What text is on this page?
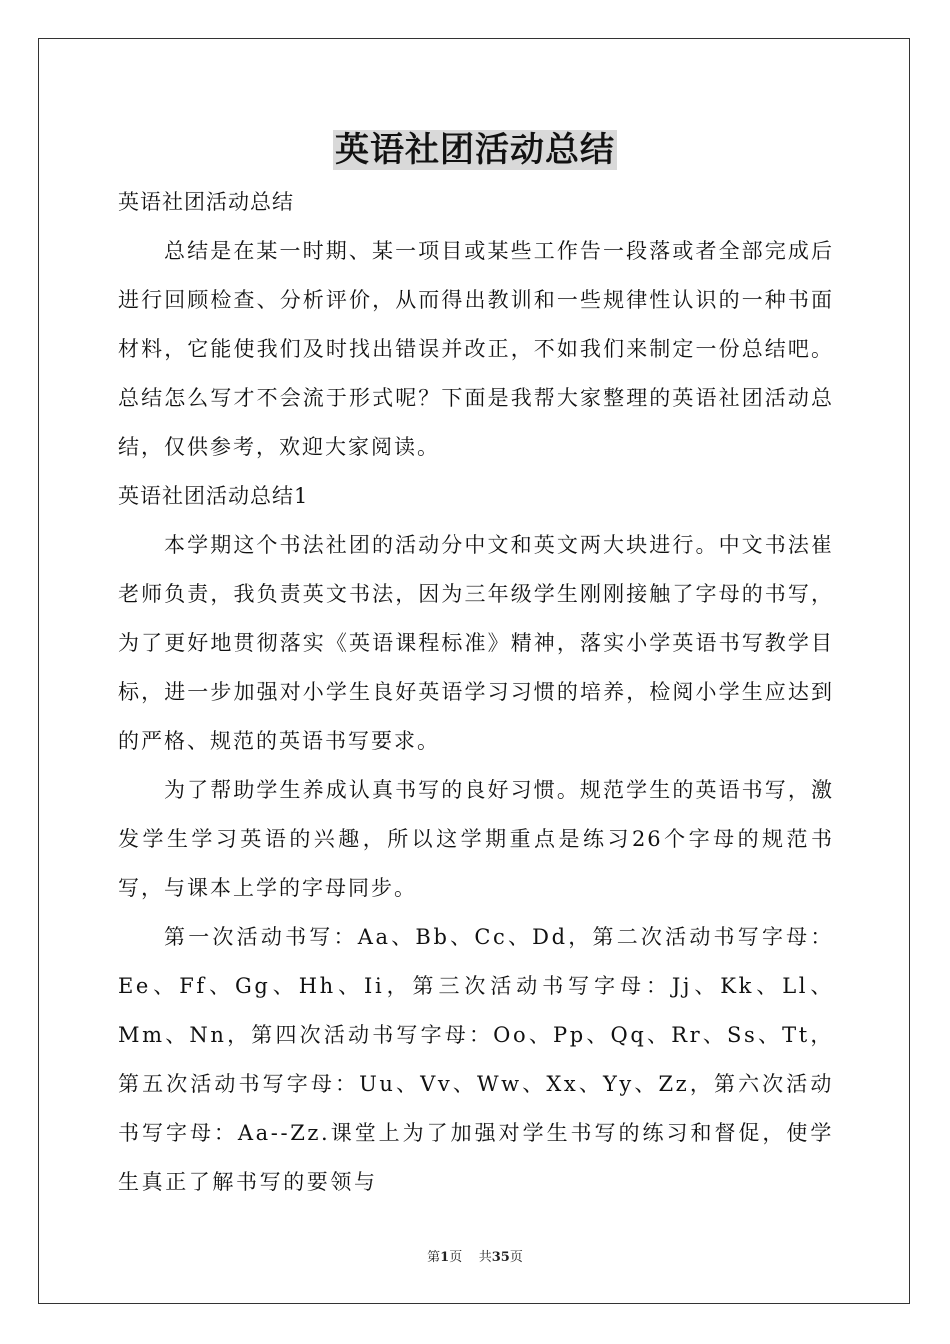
英语社团活动总结

英语社团活动总结

总结是在某一时期、某一项目或某些工作告一段落或者全部完成后进行回顾检查、分析评价，从而得出教训和一些规律性认识的一种书面材料，它能使我们及时找出错误并改正，不如我们来制定一份总结吧。总结怎么写才不会流于形式呢？下面是我帮大家整理的英语社团活动总结，仅供参考，欢迎大家阅读。

英语社团活动总结1

本学期这个书法社团的活动分中文和英文两大块进行。中文书法崔老师负责，我负责英文书法，因为三年级学生刚刚接触了字母的书写，为了更好地贯彻落实《英语课程标准》精神，落实小学英语书写教学目标，进一步加强对小学生良好英语学习习惯的培养，检阅小学生应达到的严格、规范的英语书写要求。

为了帮助学生养成认真书写的良好习惯。规范学生的英语书写，激发学生学习英语的兴趣，所以这学期重点是练习26个字母的规范书写，与课本上学的字母同步。

第一次活动书写：Aa、Bb、Cc、Dd，第二次活动书写字母：Ee、Ff、Gg、Hh、Ii，第三次活动书写字母：Jj、Kk、Ll、Mm、Nn，第四次活动书写字母：Oo、Pp、Qq、Rr、Ss、Tt，第五次活动书写字母：Uu、Vv、Ww、Xx、Yy、Zz，第六次活动书写字母：Aa--Zz.课堂上为了加强对学生书写的练习和督促，使学生真正了解书写的要领与

第1页 共35页
